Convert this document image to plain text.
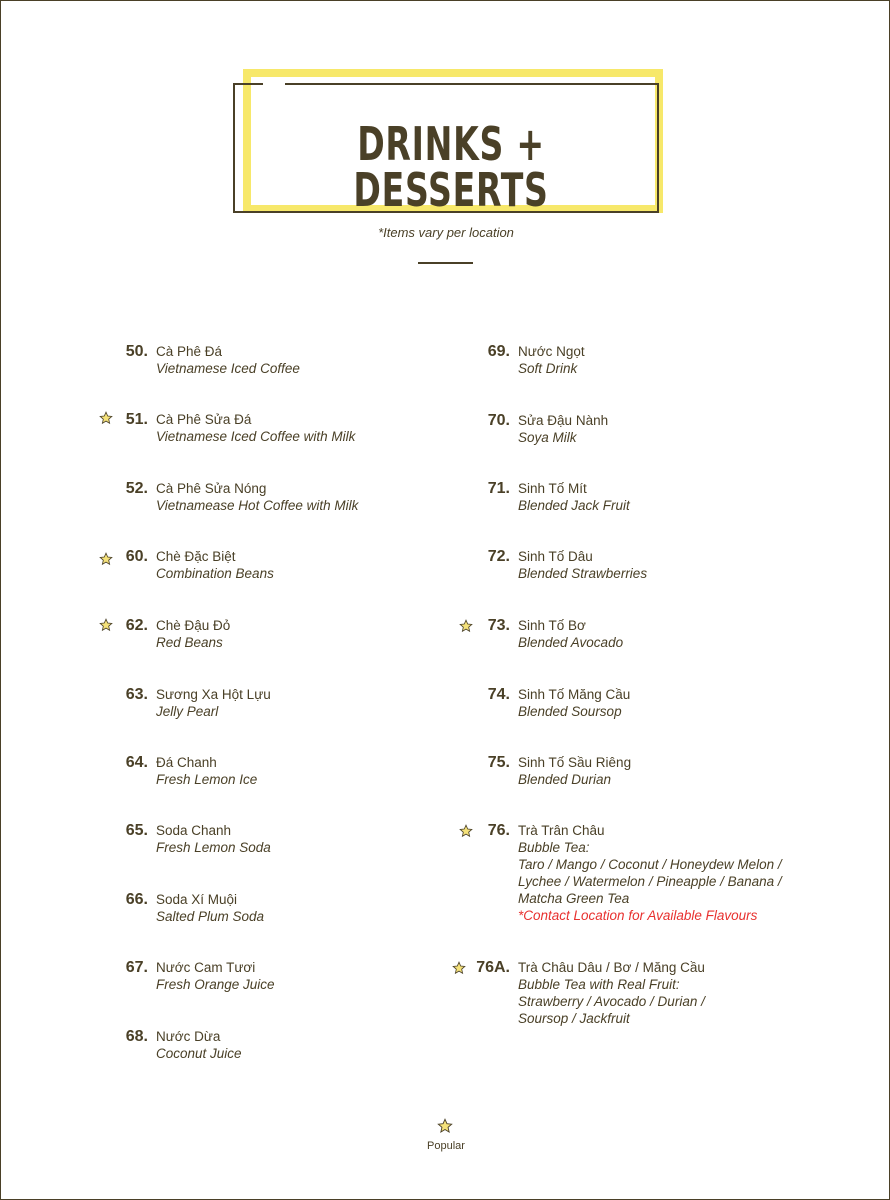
DRINKS + DESSERTS
*Items vary per location
50. Cà Phê Đá
Vietnamese Iced Coffee
51. Cà Phê Sửa Đá
Vietnamese Iced Coffee with Milk
52. Cà Phê Sửa Nóng
Vietnamease Hot Coffee with Milk
60. Chè Đặc Biệt
Combination Beans
62. Chè Đậu Đỏ
Red Beans
63. Sương Xa Hột Lựu
Jelly Pearl
64. Đá Chanh
Fresh Lemon Ice
65. Soda Chanh
Fresh Lemon Soda
66. Soda Xí Muội
Salted Plum Soda
67. Nước Cam Tươi
Fresh Orange Juice
68. Nước Dừa
Coconut Juice
69. Nước Ngọt
Soft Drink
70. Sửa Đậu Nành
Soya Milk
71. Sinh Tố Mít
Blended Jack Fruit
72. Sinh Tố Dâu
Blended Strawberries
73. Sinh Tố Bơ
Blended Avocado
74. Sinh Tố Măng Cầu
Blended Soursop
75. Sinh Tố Sầu Riêng
Blended Durian
76. Trà Trân Châu
Bubble Tea:
Taro / Mango / Coconut / Honeydew Melon /
Lychee / Watermelon / Pineapple / Banana /
Matcha Green Tea
*Contact Location for Available Flavours
76A. Trà Châu Dâu / Bơ / Măng Cầu
Bubble Tea with Real Fruit:
Strawberry / Avocado / Durian /
Soursop / Jackfruit
Popular
